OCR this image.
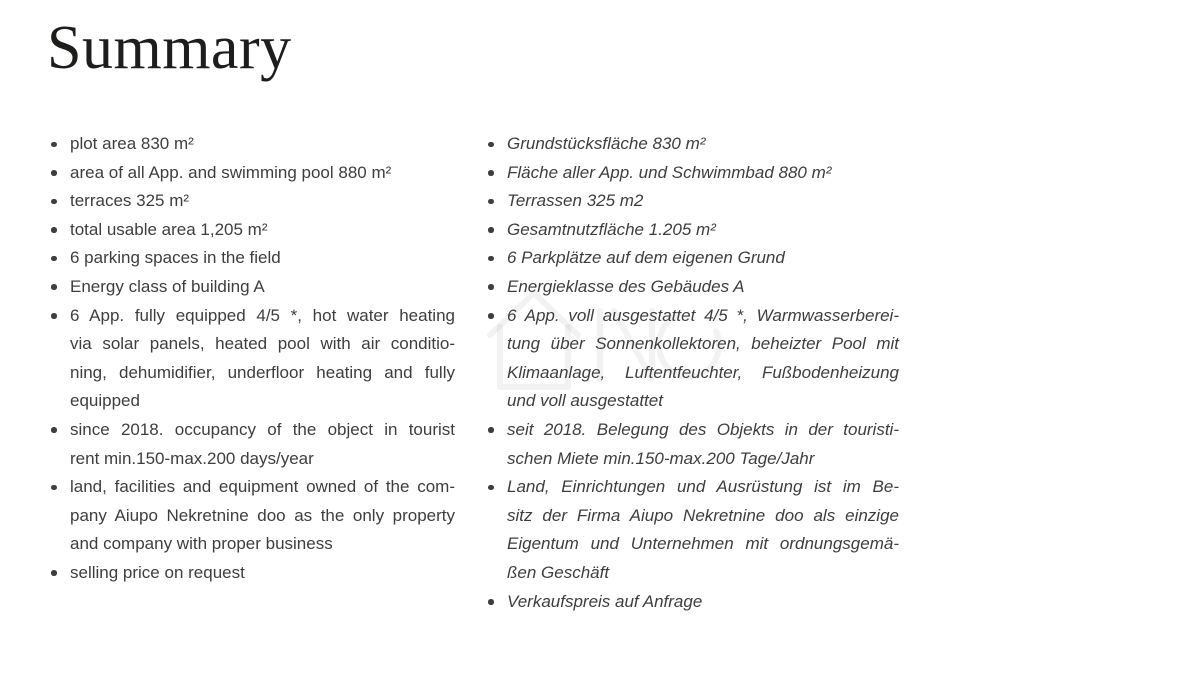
Summary
plot area 830 m²
area of all App. and swimming pool 880 m²
terraces 325 m²
total usable area 1,205 m²
6 parking spaces in the field
Energy class of building A
6 App. fully equipped 4/5 *, hot water heating
via solar panels, heated pool with air conditio-
ning, dehumidifier, underfloor heating and fully
equipped
since 2018. occupancy of the object in tourist
rent min.150-max.200 days/year
land, facilities and equipment owned of the com-
pany Aiupo Nekretnine doo as the only property
and company with proper business
selling price on request
Grundstücksfläche 830 m²
Fläche aller App. und Schwimmbad 880 m²
Terrassen 325 m2
Gesamtnutzfläche 1.205 m²
6 Parkplätze auf dem eigenen Grund
Energieklasse des Gebäudes A
6 App. voll ausgestattet 4/5 *, Warmwasserberei-
tung über Sonnenkollektoren, beheizter Pool mit
Klimaanlage, Luftentfeuchter, Fußbodenheizung
und voll ausgestattet
seit 2018. Belegung des Objekts in der touristi-
schen Miete min.150-max.200 Tage/Jahr
Land, Einrichtungen und Ausrüstung ist im Be-
sitz der Firma Aiupo Nekretnine doo als einzige
Eigentum und Unternehmen mit ordnungsgemä-
ßen Geschäft
Verkaufspreis auf Anfrage
